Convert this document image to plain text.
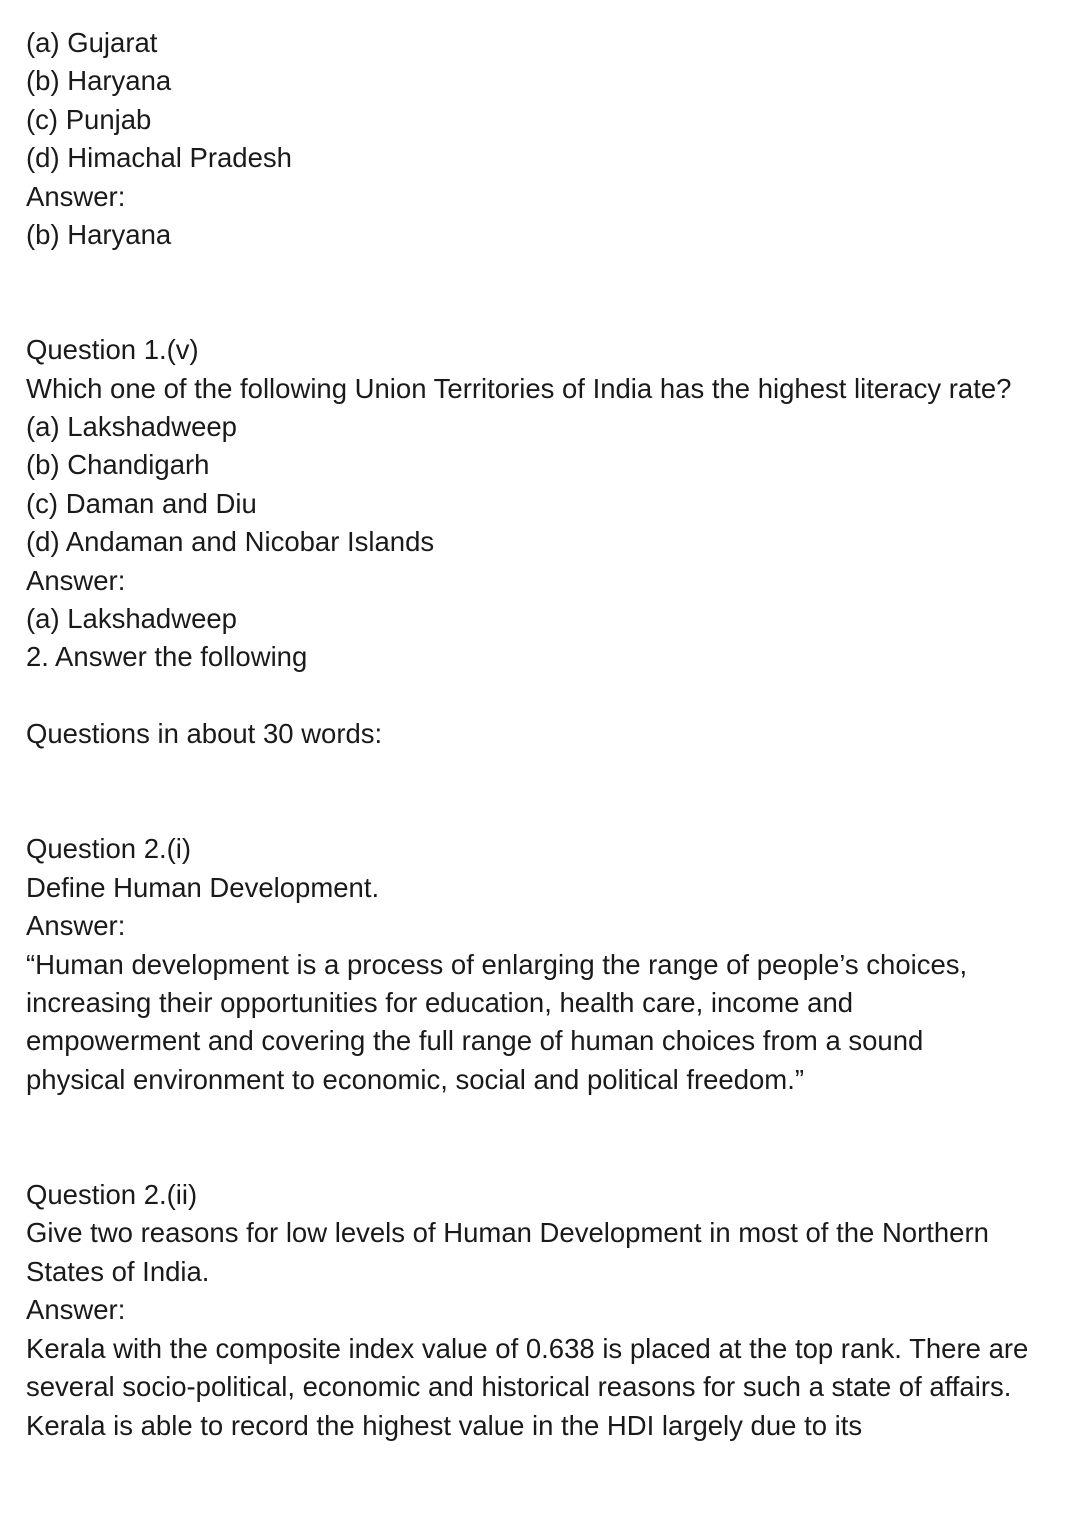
(a) Gujarat
(b) Haryana
(c) Punjab
(d) Himachal Pradesh
Answer:
(b) Haryana
Question 1.(v)
Which one of the following Union Territories of India has the highest literacy rate?
(a) Lakshadweep
(b) Chandigarh
(c) Daman and Diu
(d) Andaman and Nicobar Islands
Answer:
(a) Lakshadweep
2. Answer the following
Questions in about 30 words:
Question 2.(i)
Define Human Development.
Answer:
“Human development is a process of enlarging the range of people’s choices, increasing their opportunities for education, health care, income and empowerment and covering the full range of human choices from a sound physical environment to economic, social and political freedom.”
Question 2.(ii)
Give two reasons for low levels of Human Development in most of the Northern States of India.
Answer:
Kerala with the composite index value of 0.638 is placed at the top rank. There are several socio-political, economic and historical reasons for such a state of affairs. Kerala is able to record the highest value in the HDI largely due to its
